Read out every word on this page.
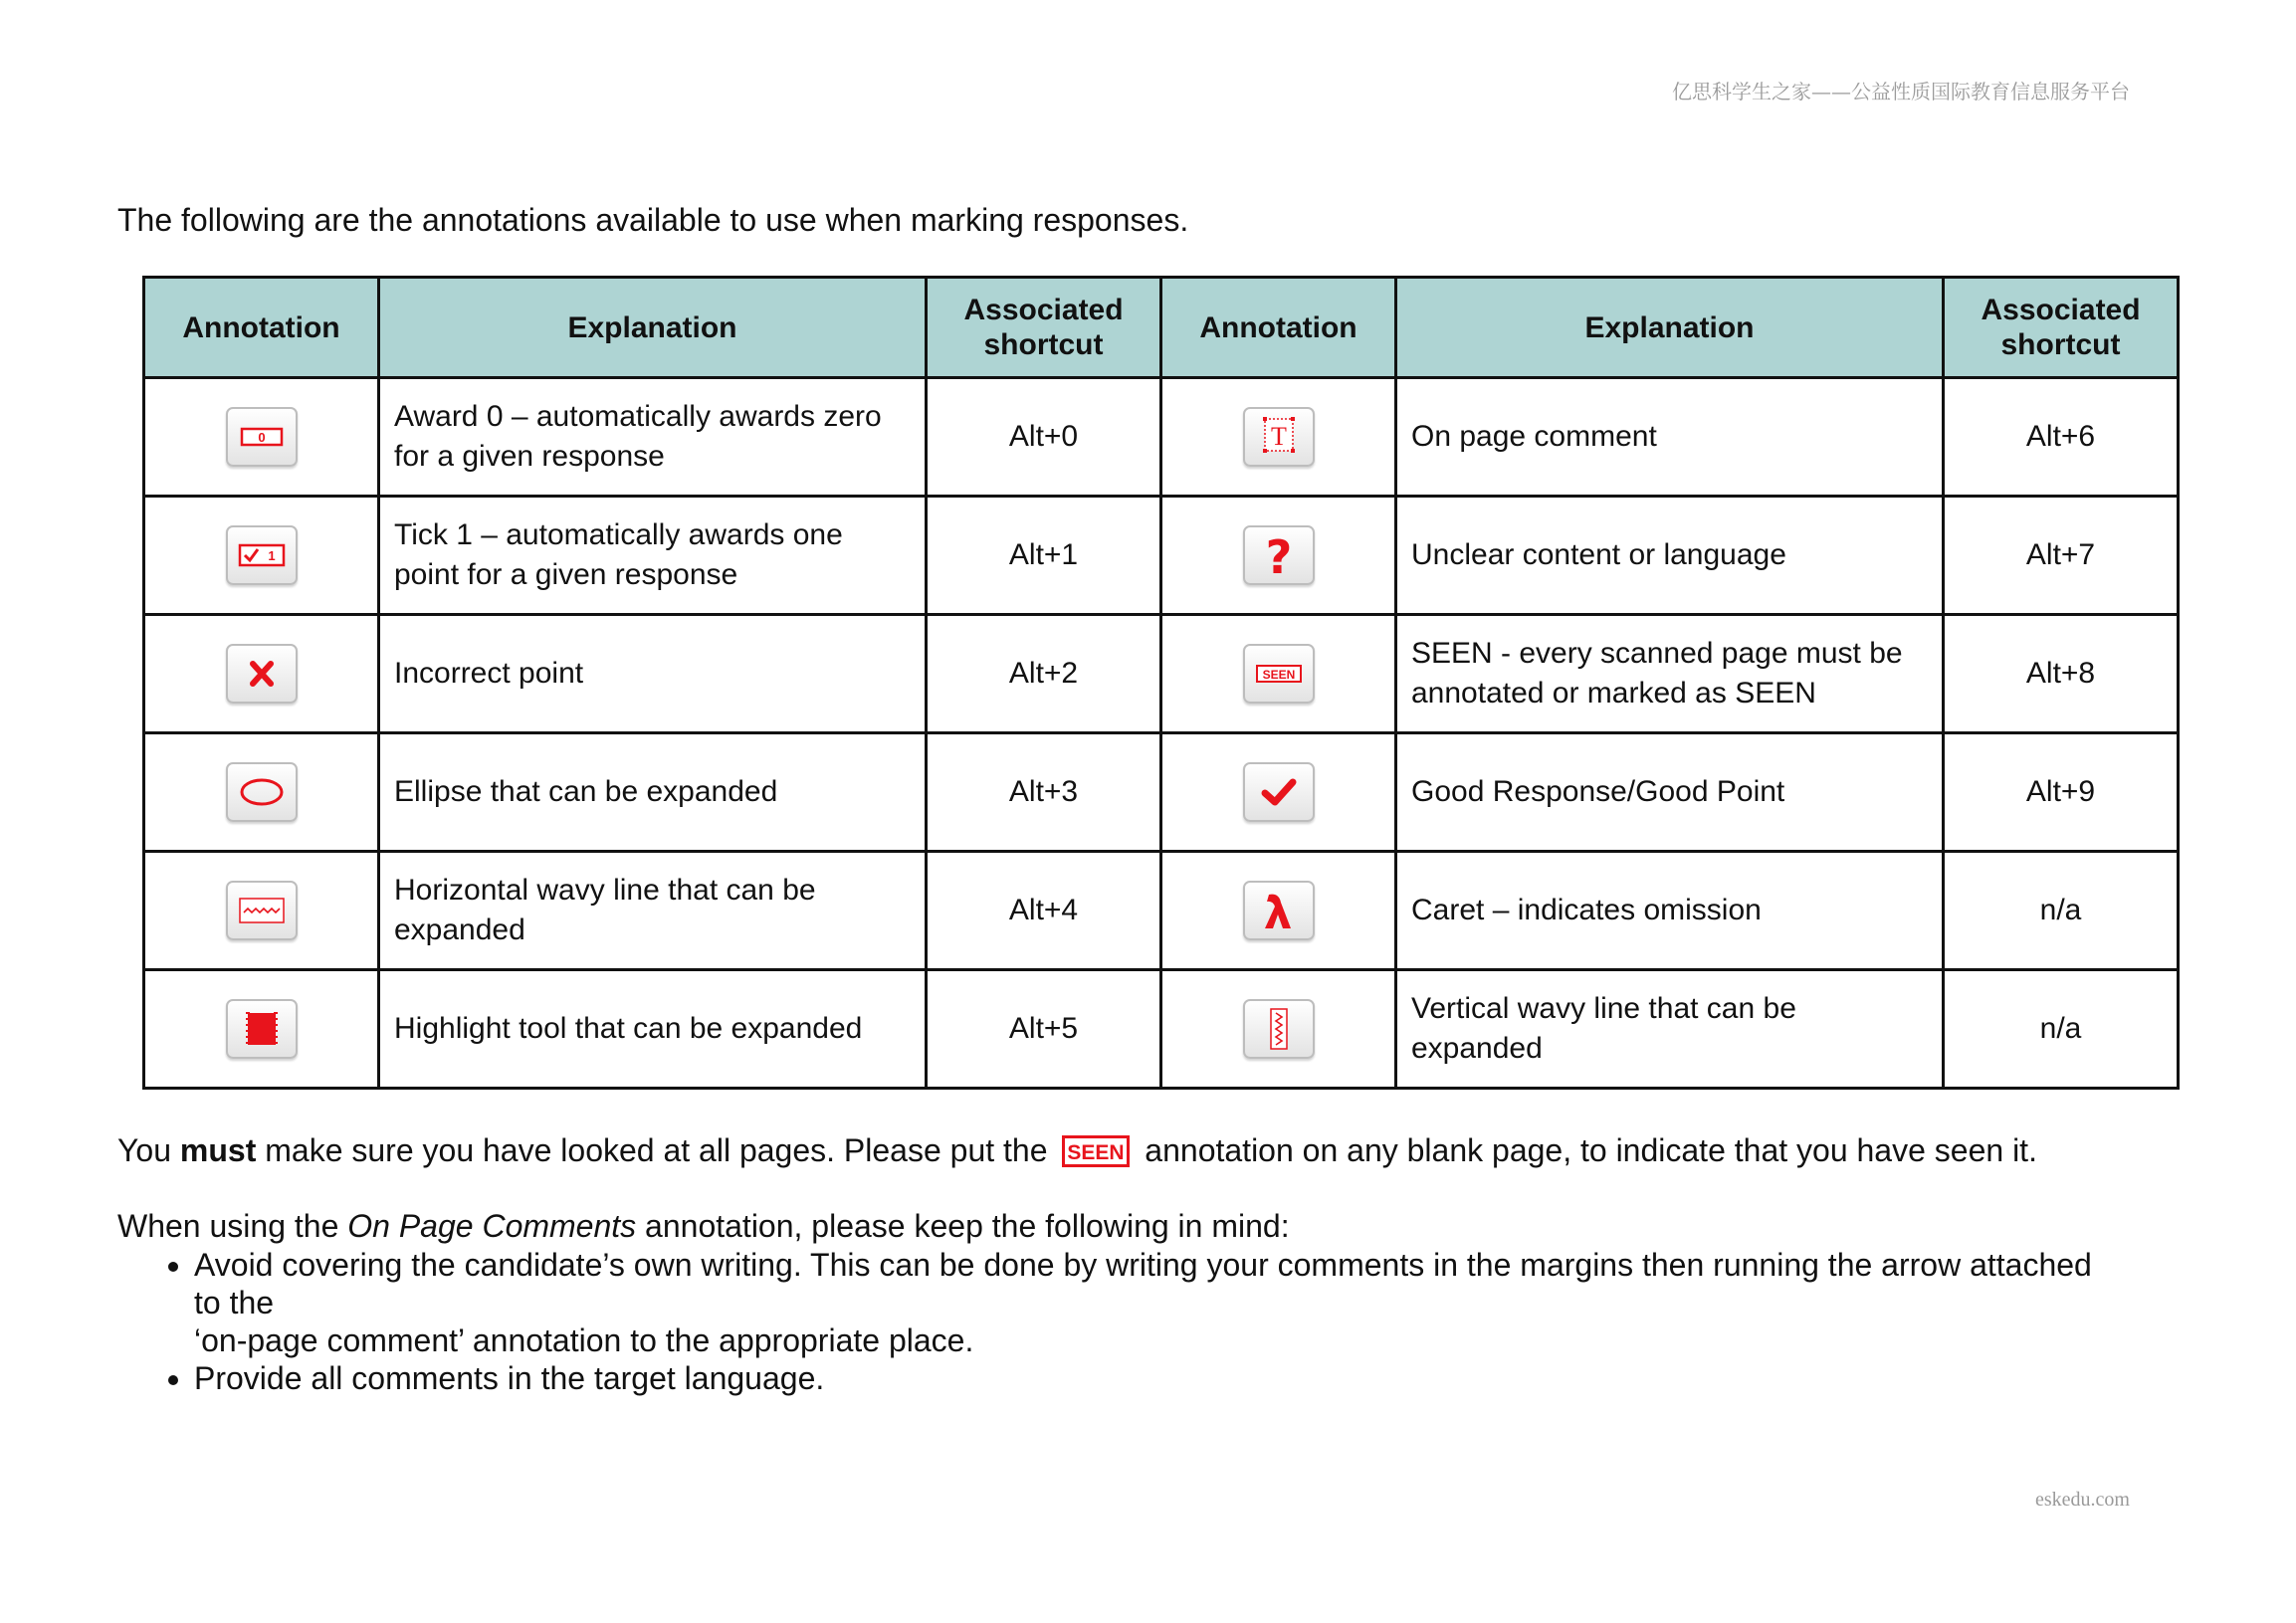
亿思科学生之家——公益性质国际教育信息服务平台
The following are the annotations available to use when marking responses.
Annotation	Explanation	Associated shortcut	Annotation	Explanation	Associated shortcut

0	Award 0 – automatically awards zero for a given response	Alt+0	T	On page comment	Alt+6

1	Tick 1 – automatically awards one point for a given response	Alt+1	?	Unclear content or language	Alt+7

	Incorrect point	Alt+2	SEEN	SEEN - every scanned page must be annotated or marked as SEEN	Alt+8

	Ellipse that can be expanded	Alt+3		Good Response/Good Point	Alt+9

	Horizontal wavy line that can be expanded	Alt+4		Caret – indicates omission	n/a

	Highlight tool that can be expanded	Alt+5		Vertical wavy line that can be expanded	n/a
You must make sure you have looked at all pages. Please put the SEEN annotation on any blank page, to indicate that you have seen it.
When using the On Page Comments annotation, please keep the following in mind:
• Avoid covering the candidate’s own writing. This can be done by writing your comments in the margins then running the arrow attached
to the
‘on-page comment’ annotation to the appropriate place.
• Provide all comments in the target language.
eskedu.com
